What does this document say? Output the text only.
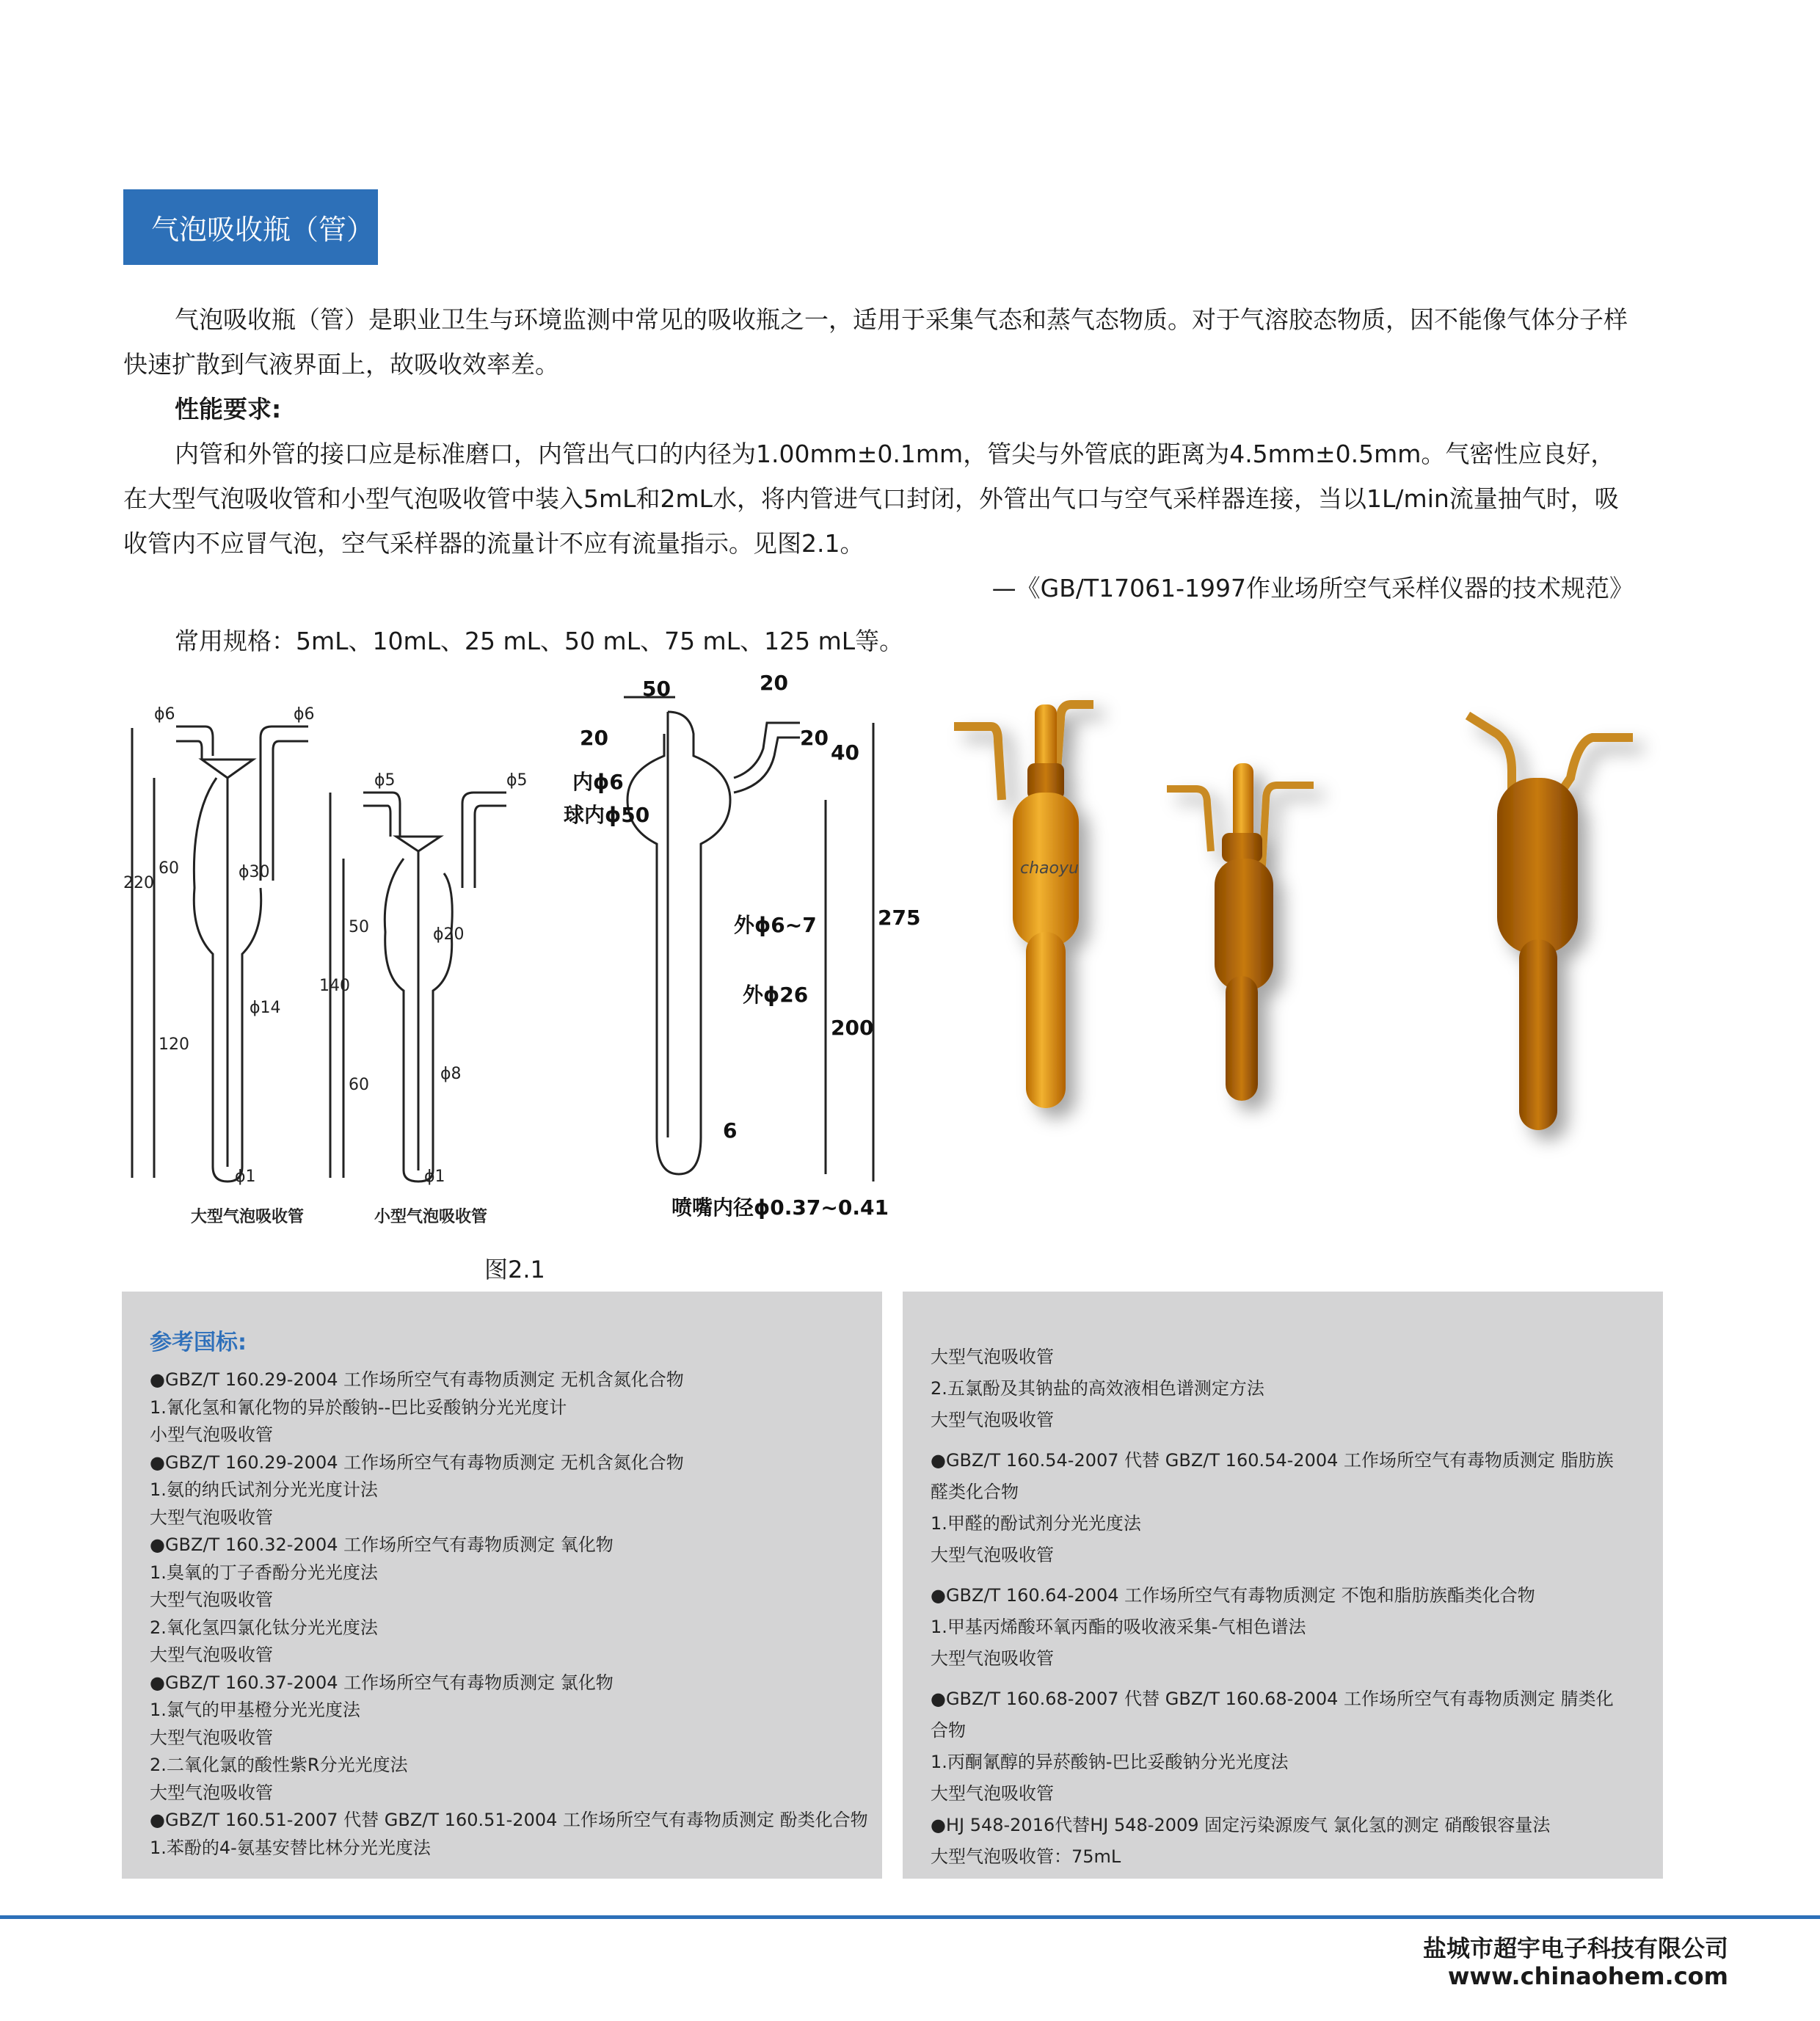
气泡吸收瓶（管）

气泡吸收瓶（管）是职业卫生与环境监测中常见的吸收瓶之一，适用于采集气态和蒸气态物质。对于气溶胶态物质，因不能像气体分子样快速扩散到气液界面上，故吸收效率差。

性能要求:

内管和外管的接口应是标准磨口，内管出气口的内径为1.00mm±0.1mm，管尖与外管底的距离为4.5mm±0.5mm。气密性应良好，在大型气泡吸收管和小型气泡吸收管中装入5mL和2mL水，将内管进气口封闭，外管出气口与空气采样器连接，当以1L/min流量抽气时，吸收管内不应冒气泡，空气采样器的流量计不应有流量指示。见图2.1。

—《GB/T17061-1997作业场所空气采样仪器的技术规范》

常用规格：5mL、10mL、25 mL、50 mL、75 mL、125 mL等。
220
60
120
ϕ6	ϕ6
ϕ30
ϕ14
ϕ1
140
50
60
ϕ5	ϕ5
ϕ20
ϕ8
ϕ1
大型气泡吸收管	小型气泡吸收管
50	20
20	20
40
内ϕ6
球内ϕ50
外ϕ6~7
外ϕ26
275
200
6
喷嘴内径ϕ0.37~0.41
图2.1
chaoyu
参考国标:
●GBZ/T 160.29-2004 工作场所空气有毒物质测定 无机含氮化合物
1.氰化氢和氰化物的异於酸钠--巴比妥酸钠分光光度计
小型气泡吸收管
●GBZ/T 160.29-2004 工作场所空气有毒物质测定 无机含氮化合物
1.氨的纳氏试剂分光光度计法
大型气泡吸收管
●GBZ/T 160.32-2004 工作场所空气有毒物质测定 氧化物
1.臭氧的丁子香酚分光光度法
大型气泡吸收管
2.氧化氢四氯化钛分光光度法
大型气泡吸收管
●GBZ/T 160.37-2004 工作场所空气有毒物质测定 氯化物
1.氯气的甲基橙分光光度法
大型气泡吸收管
2.二氧化氯的酸性紫R分光光度法
大型气泡吸收管
●GBZ/T 160.51-2007 代替 GBZ/T 160.51-2004 工作场所空气有毒物质测定 酚类化合物
1.苯酚的4-氨基安替比林分光光度法
大型气泡吸收管
2.五氯酚及其钠盐的高效液相色谱测定方法
大型气泡吸收管
●GBZ/T 160.54-2007 代替 GBZ/T 160.54-2004 工作场所空气有毒物质测定 脂肪族
醛类化合物
1.甲醛的酚试剂分光光度法
大型气泡吸收管
●GBZ/T 160.64-2004 工作场所空气有毒物质测定 不饱和脂肪族酯类化合物
1.甲基丙烯酸环氧丙酯的吸收液采集-气相色谱法
大型气泡吸收管
●GBZ/T 160.68-2007 代替 GBZ/T 160.68-2004 工作场所空气有毒物质测定 腈类化
合物
1.丙酮氰醇的异菸酸钠-巴比妥酸钠分光光度法
大型气泡吸收管
●HJ 548-2016代替HJ 548-2009 固定污染源废气 氯化氢的测定 硝酸银容量法
大型气泡吸收管：75mL
盐城市超宇电子科技有限公司
www.chinaohem.com
